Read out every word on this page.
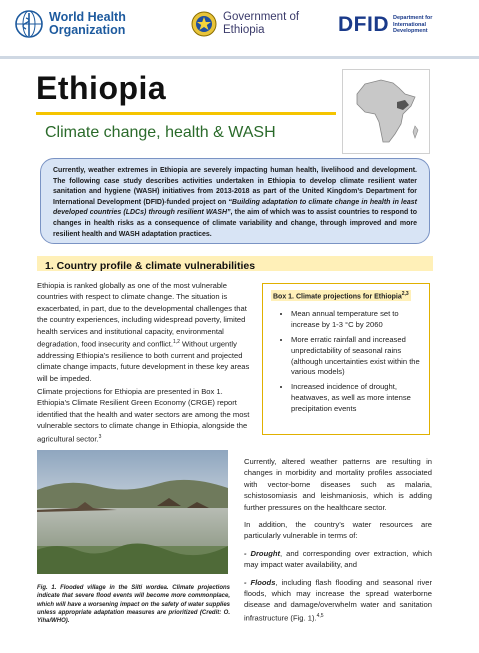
World Health
Organization
Government of
Ethiopia	DFID Department for
International
Development
Ethiopia
Climate change, health & WASH

Currently, weather extremes in Ethiopia are severely impacting human health, livelihood and development. The following case study describes activities undertaken in Ethiopia to develop climate resilient water sanitation and hygiene (WASH) initiatives from 2013-2018 as part of the United Kingdom’s Department for International Development (DFID)-funded project on “Building adaptation to climate change in health in least developed countries (LDCs) through resilient WASH”, the aim of which was to assist countries to respond to changes in health risks as a consequence of climate variability and change, through improved and more resilient health and WASH adaptation practices.

1. Country profile & climate vulnerabilities

Ethiopia is ranked globally as one of the most vulnerable countries with respect to climate change. The situation is exacerbated, in part, due to the developmental challenges that the country experiences, including widespread poverty, limited health services and institutional capacity, environmental degradation, food insecurity and conflict.$^{1,2}$ Without urgently addressing Ethiopia’s resilience to both current and projected climate change impacts, future development in these key areas will be impeded.

Climate projections for Ethiopia are presented in Box 1. Ethiopia’s Climate Resilient Green Economy (CRGE) report identified that the health and water sectors are among the most vulnerable sectors to climate change in Ethiopia, alongside the agricultural sector.$^3$

Box 1. Climate projections for Ethiopia$^{2,3}$
• Mean annual temperature set to increase by 1-3 °C by 2060
• More erratic rainfall and increased unpredictability of seasonal rains (although uncertainties exist within the various models)
• Increased incidence of drought, heatwaves, as well as more intense precipitation events
Fig. 1. Flooded village in the Silti wordea. Climate projections indicate that severe flood events will become more commonplace, which will have a worsening impact on the safety of water supplies unless appropriate adaptation measures are prioritized (Credit: O. Yiha/WHO).

Currently, altered weather patterns are resulting in changes in morbidity and mortality profiles associated with vector-borne diseases such as malaria, schistosomiasis and leishmaniosis, which is adding further pressures on the healthcare sector.

In addition, the country’s water resources are particularly vulnerable in terms of:

- Drought, and corresponding over extraction, which may impact water availability, and

- Floods, including flash flooding and seasonal river floods, which may increase the spread waterborne disease and damage/overwhelm water and sanitation infrastructure (Fig. 1).$^{4,5}$
